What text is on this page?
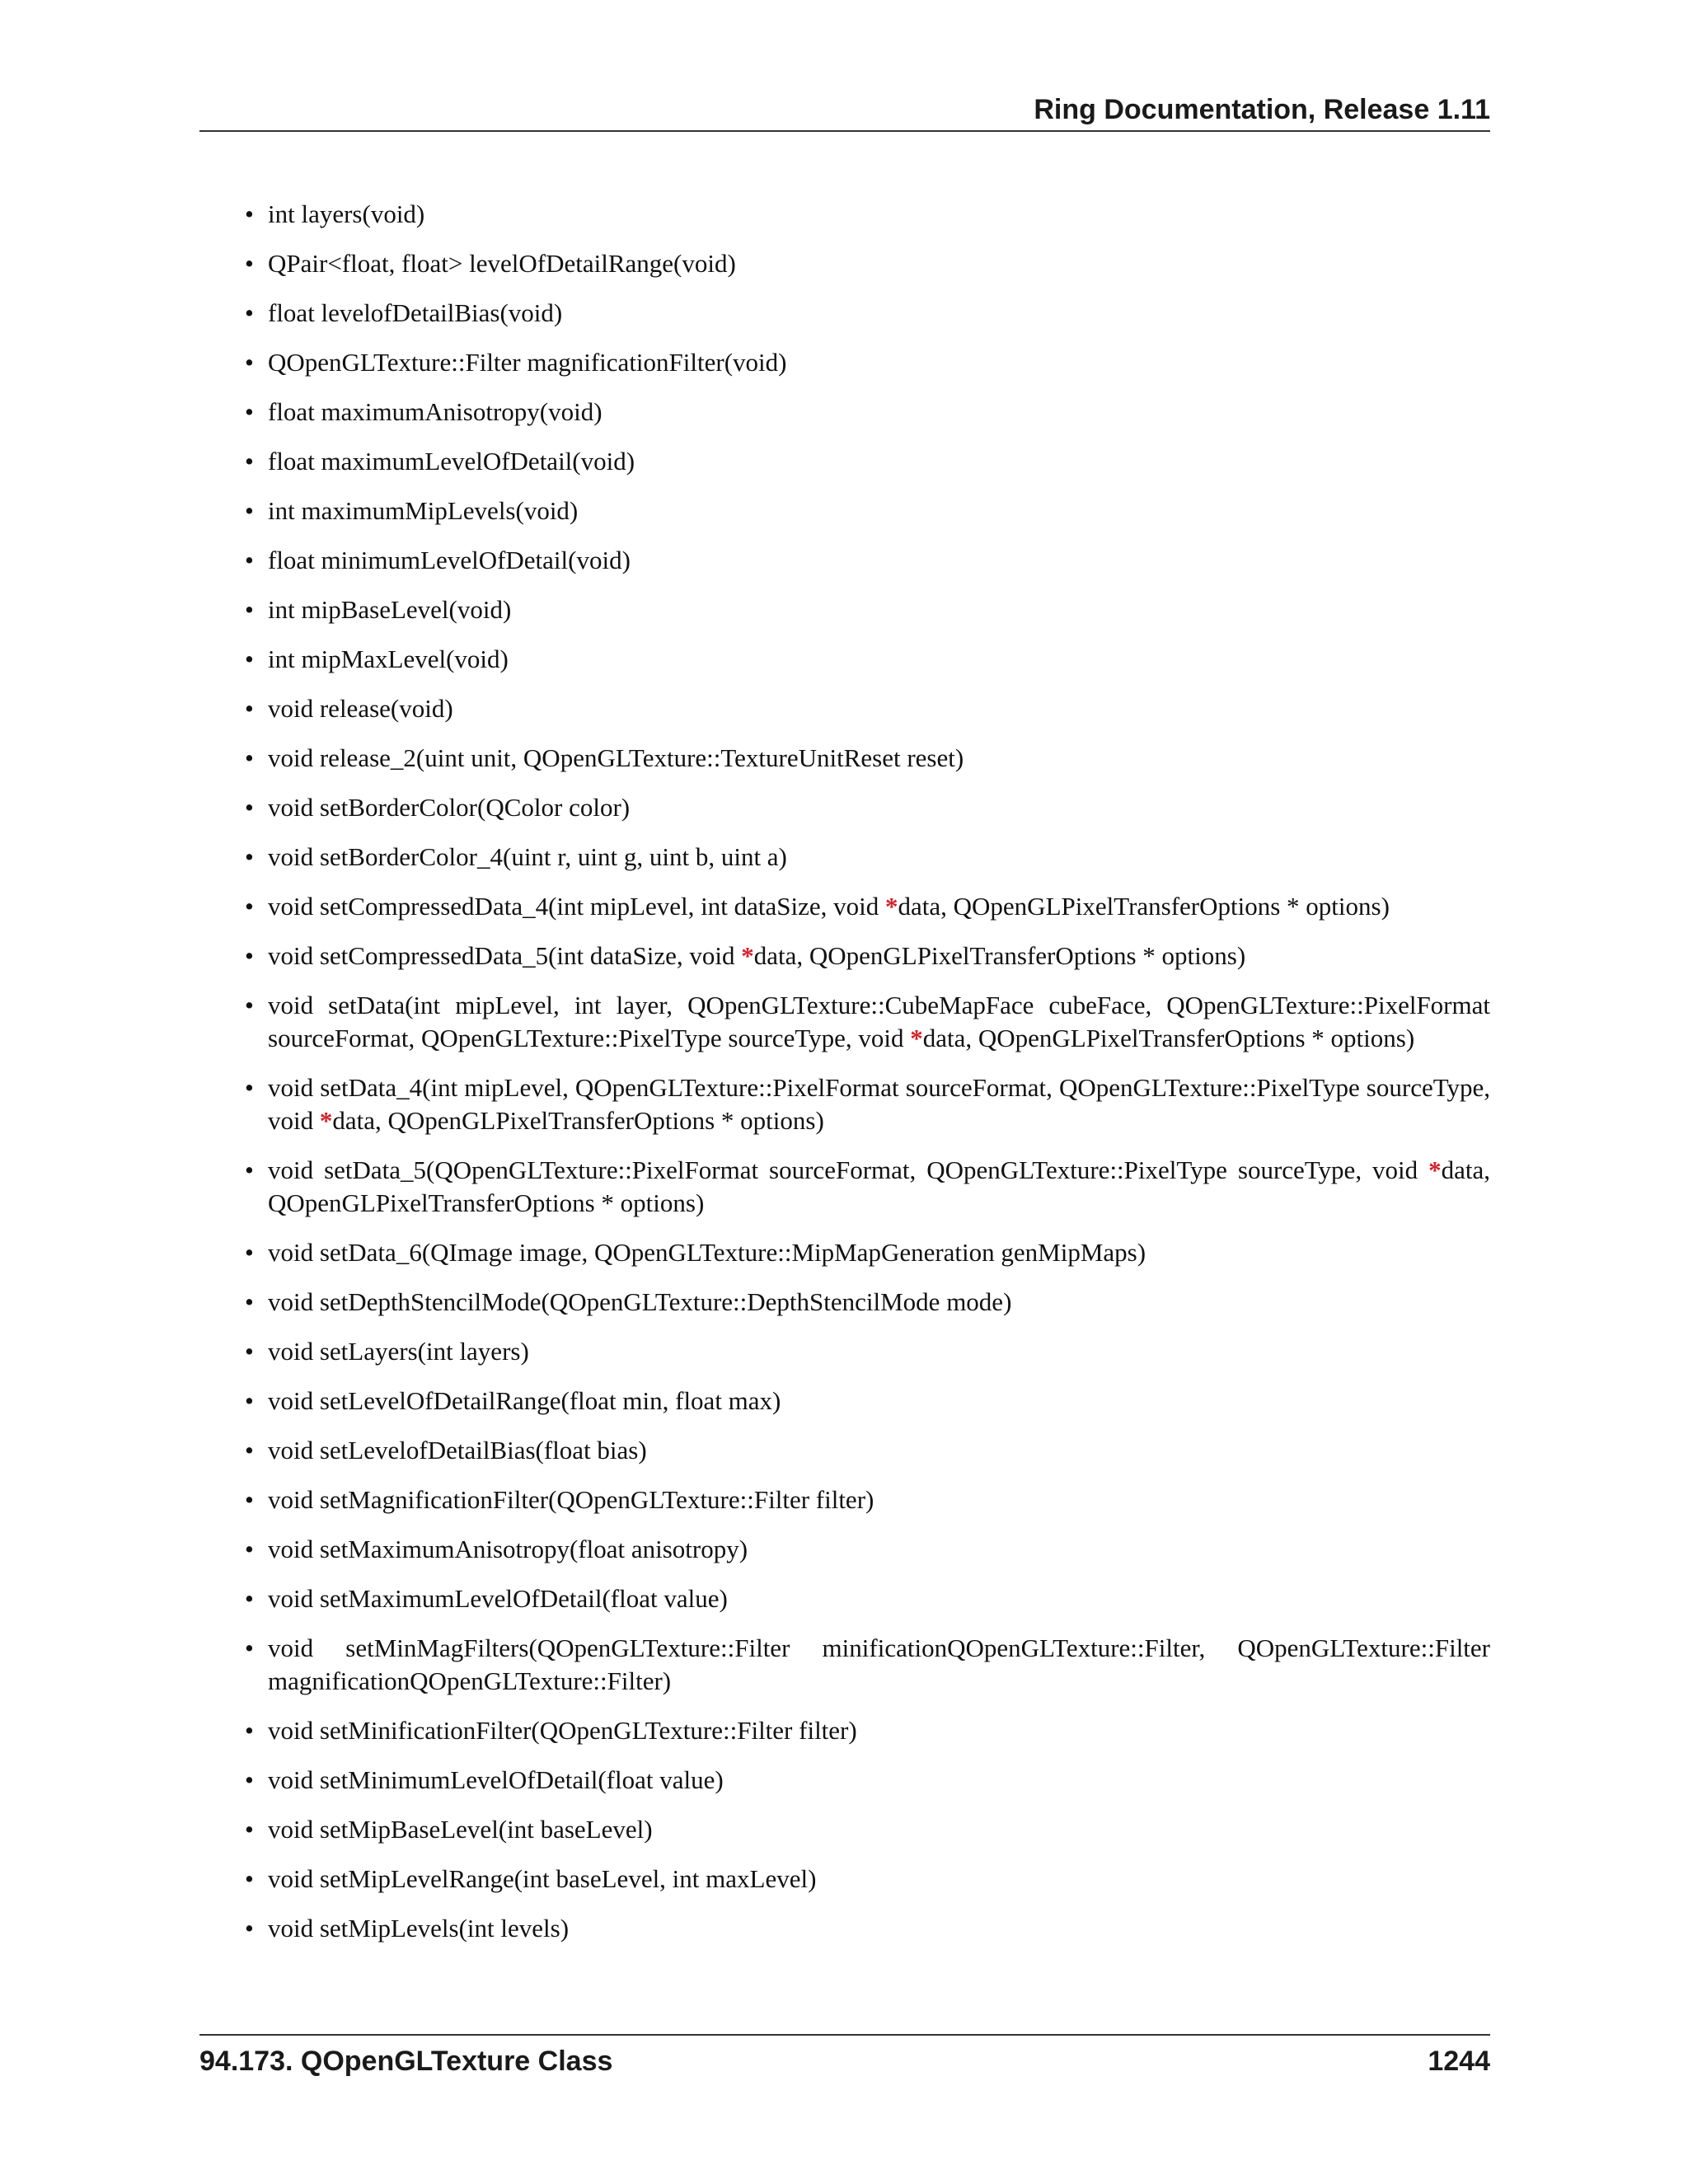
Ring Documentation, Release 1.11
• int layers(void)
• QPair<float, float> levelOfDetailRange(void)
• float levelofDetailBias(void)
• QOpenGLTexture::Filter magnificationFilter(void)
• float maximumAnisotropy(void)
• float maximumLevelOfDetail(void)
• int maximumMipLevels(void)
• float minimumLevelOfDetail(void)
• int mipBaseLevel(void)
• int mipMaxLevel(void)
• void release(void)
• void release_2(uint unit, QOpenGLTexture::TextureUnitReset reset)
• void setBorderColor(QColor color)
• void setBorderColor_4(uint r, uint g, uint b, uint a)
• void setCompressedData_4(int mipLevel, int dataSize, void *data, QOpenGLPixelTransferOptions * options)
• void setCompressedData_5(int dataSize, void *data, QOpenGLPixelTransferOptions * options)
• void setData(int mipLevel, int layer, QOpenGLTexture::CubeMapFace cubeFace, QOpenGLTexture::PixelFormat sourceFormat, QOpenGLTexture::PixelType sourceType, void *data, QOpenGLPixelTransferOptions * options)
• void setData_4(int mipLevel, QOpenGLTexture::PixelFormat sourceFormat, QOpenGLTexture::PixelType sourceType, void *data, QOpenGLPixelTransferOptions * options)
• void setData_5(QOpenGLTexture::PixelFormat sourceFormat, QOpenGLTexture::PixelType sourceType, void *data, QOpenGLPixelTransferOptions * options)
• void setData_6(QImage image, QOpenGLTexture::MipMapGeneration genMipMaps)
• void setDepthStencilMode(QOpenGLTexture::DepthStencilMode mode)
• void setLayers(int layers)
• void setLevelOfDetailRange(float min, float max)
• void setLevelofDetailBias(float bias)
• void setMagnificationFilter(QOpenGLTexture::Filter filter)
• void setMaximumAnisotropy(float anisotropy)
• void setMaximumLevelOfDetail(float value)
• void setMinMagFilters(QOpenGLTexture::Filter minificationQOpenGLTexture::Filter, QOpenGLTexture::Filter magnificationQOpenGLTexture::Filter)
• void setMinificationFilter(QOpenGLTexture::Filter filter)
• void setMinimumLevelOfDetail(float value)
• void setMipBaseLevel(int baseLevel)
• void setMipLevelRange(int baseLevel, int maxLevel)
• void setMipLevels(int levels)
94.173. QOpenGLTexture Class	1244
